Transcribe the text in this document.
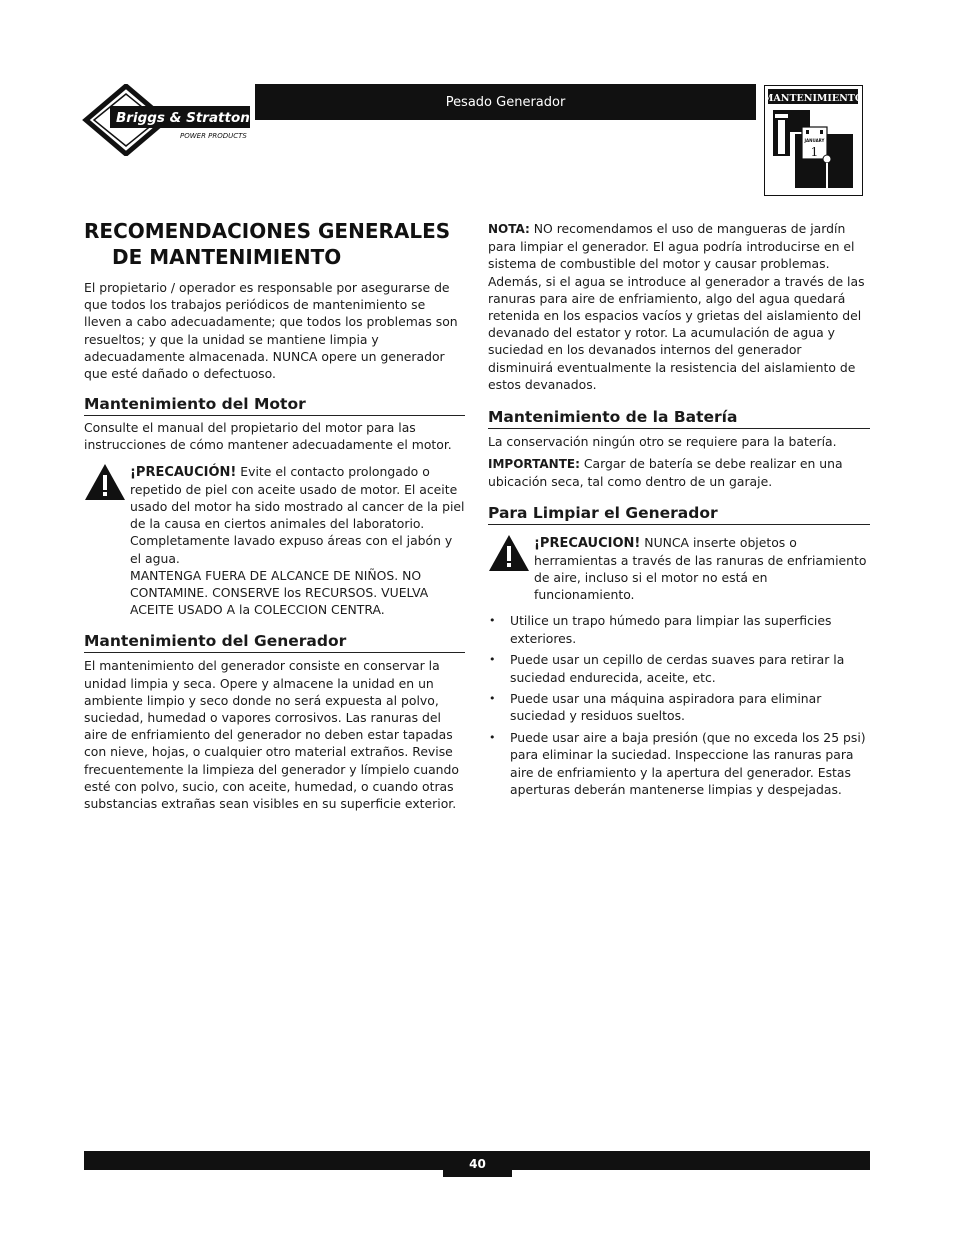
Briggs & Stratton
POWER PRODUCTS
Pesado Generador	MANTENIMIENTO
JANUARY
1
RECOMENDACIONES GENERALES
DE MANTENIMIENTO

El propietario / operador es responsable por asegurarse de que todos los trabajos periódicos de mantenimiento se lleven a cabo adecuadamente; que todos los problemas son resueltos; y que la unidad se mantiene limpia y adecuadamente almacenada. NUNCA opere un generador que esté dañado o defectuoso.

Mantenimiento del Motor

Consulte el manual del propietario del motor para las instrucciones de cómo mantener adecuadamente el motor.

¡PRECAUCIÓN! Evite el contacto prolongado o repetido de piel con aceite usado de motor. El aceite usado del motor ha sido mostrado al cancer de la piel de la causa en ciertos animales del laboratorio. Completamente lavado expuso áreas con el jabón y el agua.

MANTENGA FUERA DE ALCANCE DE NIÑOS. NO CONTAMINE. CONSERVE los RECURSOS. VUELVA ACEITE USADO A la COLECCION CENTRA.

Mantenimiento del Generador

El mantenimiento del generador consiste en conservar la unidad limpia y seca. Opere y almacene la unidad en un ambiente limpio y seco donde no será expuesta al polvo, suciedad, humedad o vapores corrosivos. Las ranuras del aire de enfriamiento del generador no deben estar tapadas con nieve, hojas, o cualquier otro material extraños. Revise frecuentemente la limpieza del generador y límpielo cuando esté con polvo, sucio, con aceite, humedad, o cuando otras substancias extrañas sean visibles en su superficie exterior.

NOTA: NO recomendamos el uso de mangueras de jardín para limpiar el generador. El agua podría introducirse en el sistema de combustible del motor y causar problemas. Además, si el agua se introduce al generador a través de las ranuras para aire de enfriamiento, algo del agua quedará retenida en los espacios vacíos y grietas del aislamiento del devanado del estator y rotor. La acumulación de agua y suciedad en los devanados internos del generador disminuirá eventualmente la resistencia del aislamiento de estos devanados.

Mantenimiento de la Batería

La conservación ningún otro se requiere para la batería.

IMPORTANTE: Cargar de batería se debe realizar en una ubicación seca, tal como dentro de un garaje.

Para Limpiar el Generador

¡PRECAUCION! NUNCA inserte objetos o herramientas a través de las ranuras de enfriamiento de aire, incluso si el motor no está en funcionamiento.

• Utilice un trapo húmedo para limpiar las superficies exteriores.
• Puede usar un cepillo de cerdas suaves para retirar la suciedad endurecida, aceite, etc.
• Puede usar una máquina aspiradora para eliminar suciedad y residuos sueltos.
• Puede usar aire a baja presión (que no exceda los 25 psi) para eliminar la suciedad. Inspeccione las ranuras para aire de enfriamiento y la apertura del generador. Estas aperturas deberán mantenerse limpias y despejadas.
40
